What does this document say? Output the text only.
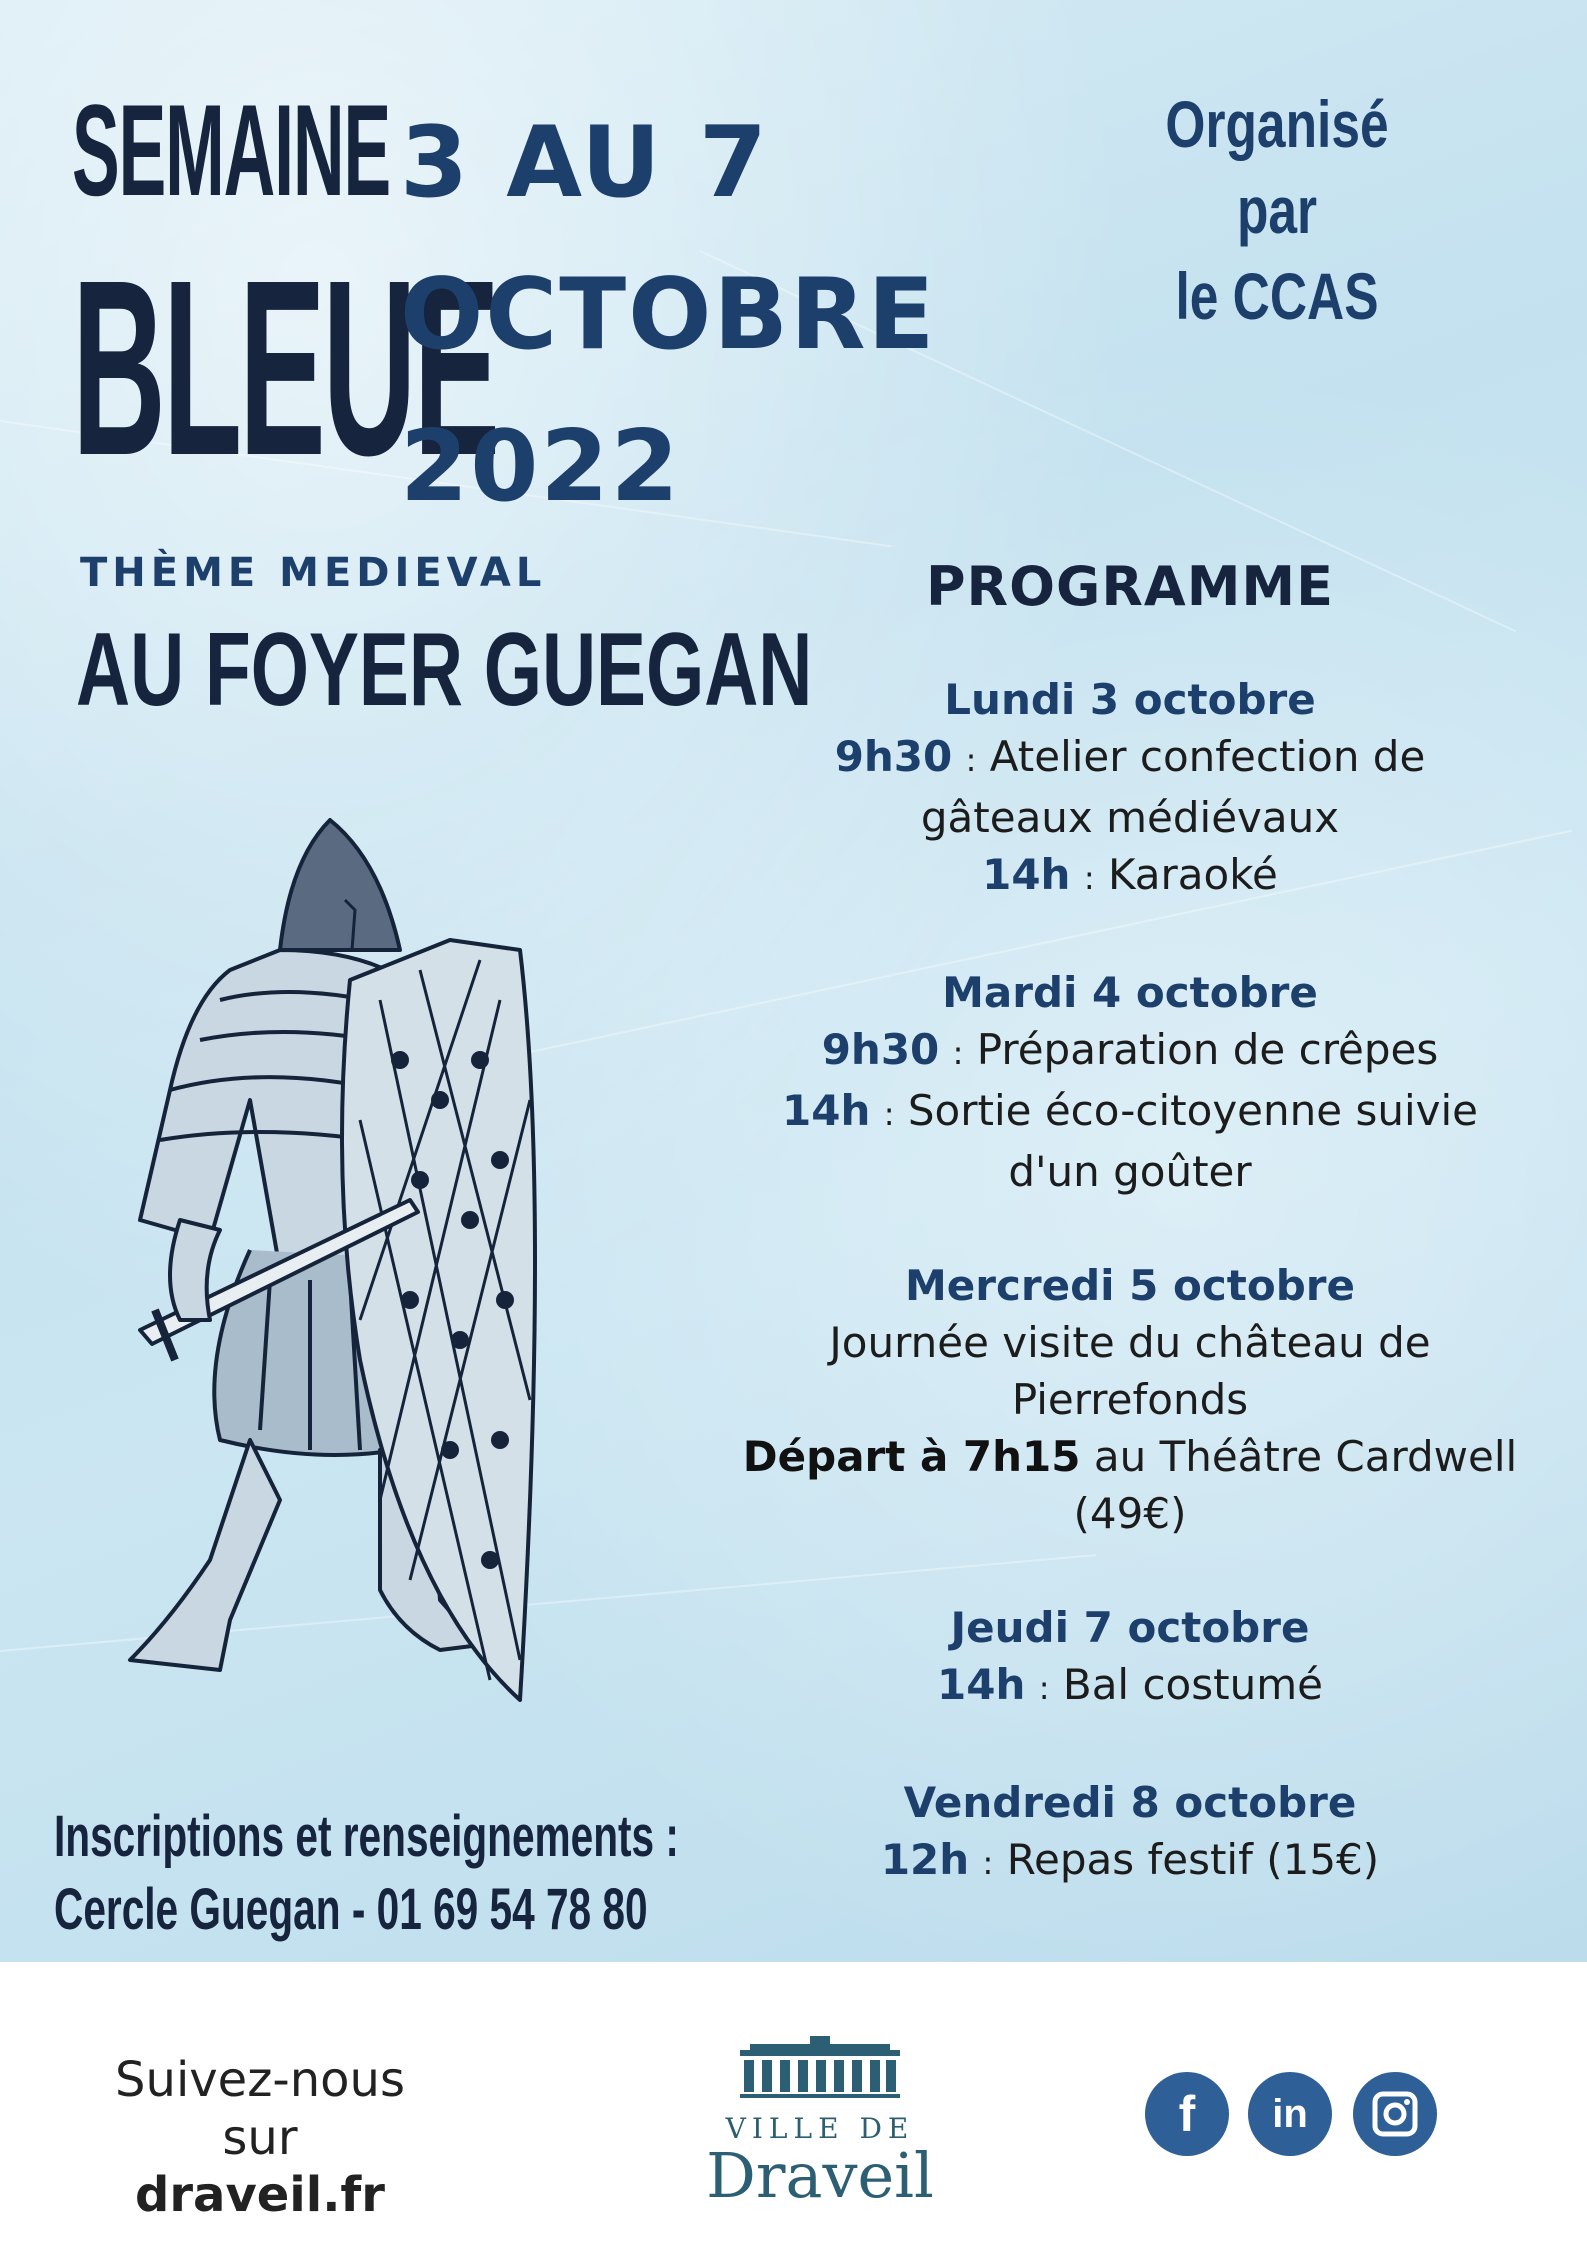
SEMAINE
BLEUE
3 AU 7
OCTOBRE
2022
Organisé par
le CCAS
THÈME MEDIEVAL
AU FOYER GUEGAN
PROGRAMME
Lundi 3 octobre
9h30 : Atelier confection de
gâteaux médiévaux
14h : Karaoké
Mardi 4 octobre
9h30 : Préparation de crêpes
14h : Sortie éco-citoyenne suivie
d'un goûter
Mercredi 5 octobre
Journée visite du château de
Pierrefonds
Départ à 7h15 au Théâtre Cardwell
(49€)
Jeudi 7 octobre
14h : Bal costumé
Vendredi 8 octobre
12h : Repas festif (15€)
Inscriptions et renseignements :
Cercle Guegan - 01 69 54 78 80
Suivez-nous
sur draveil.fr
VILLE DE
Draveil
f	in
